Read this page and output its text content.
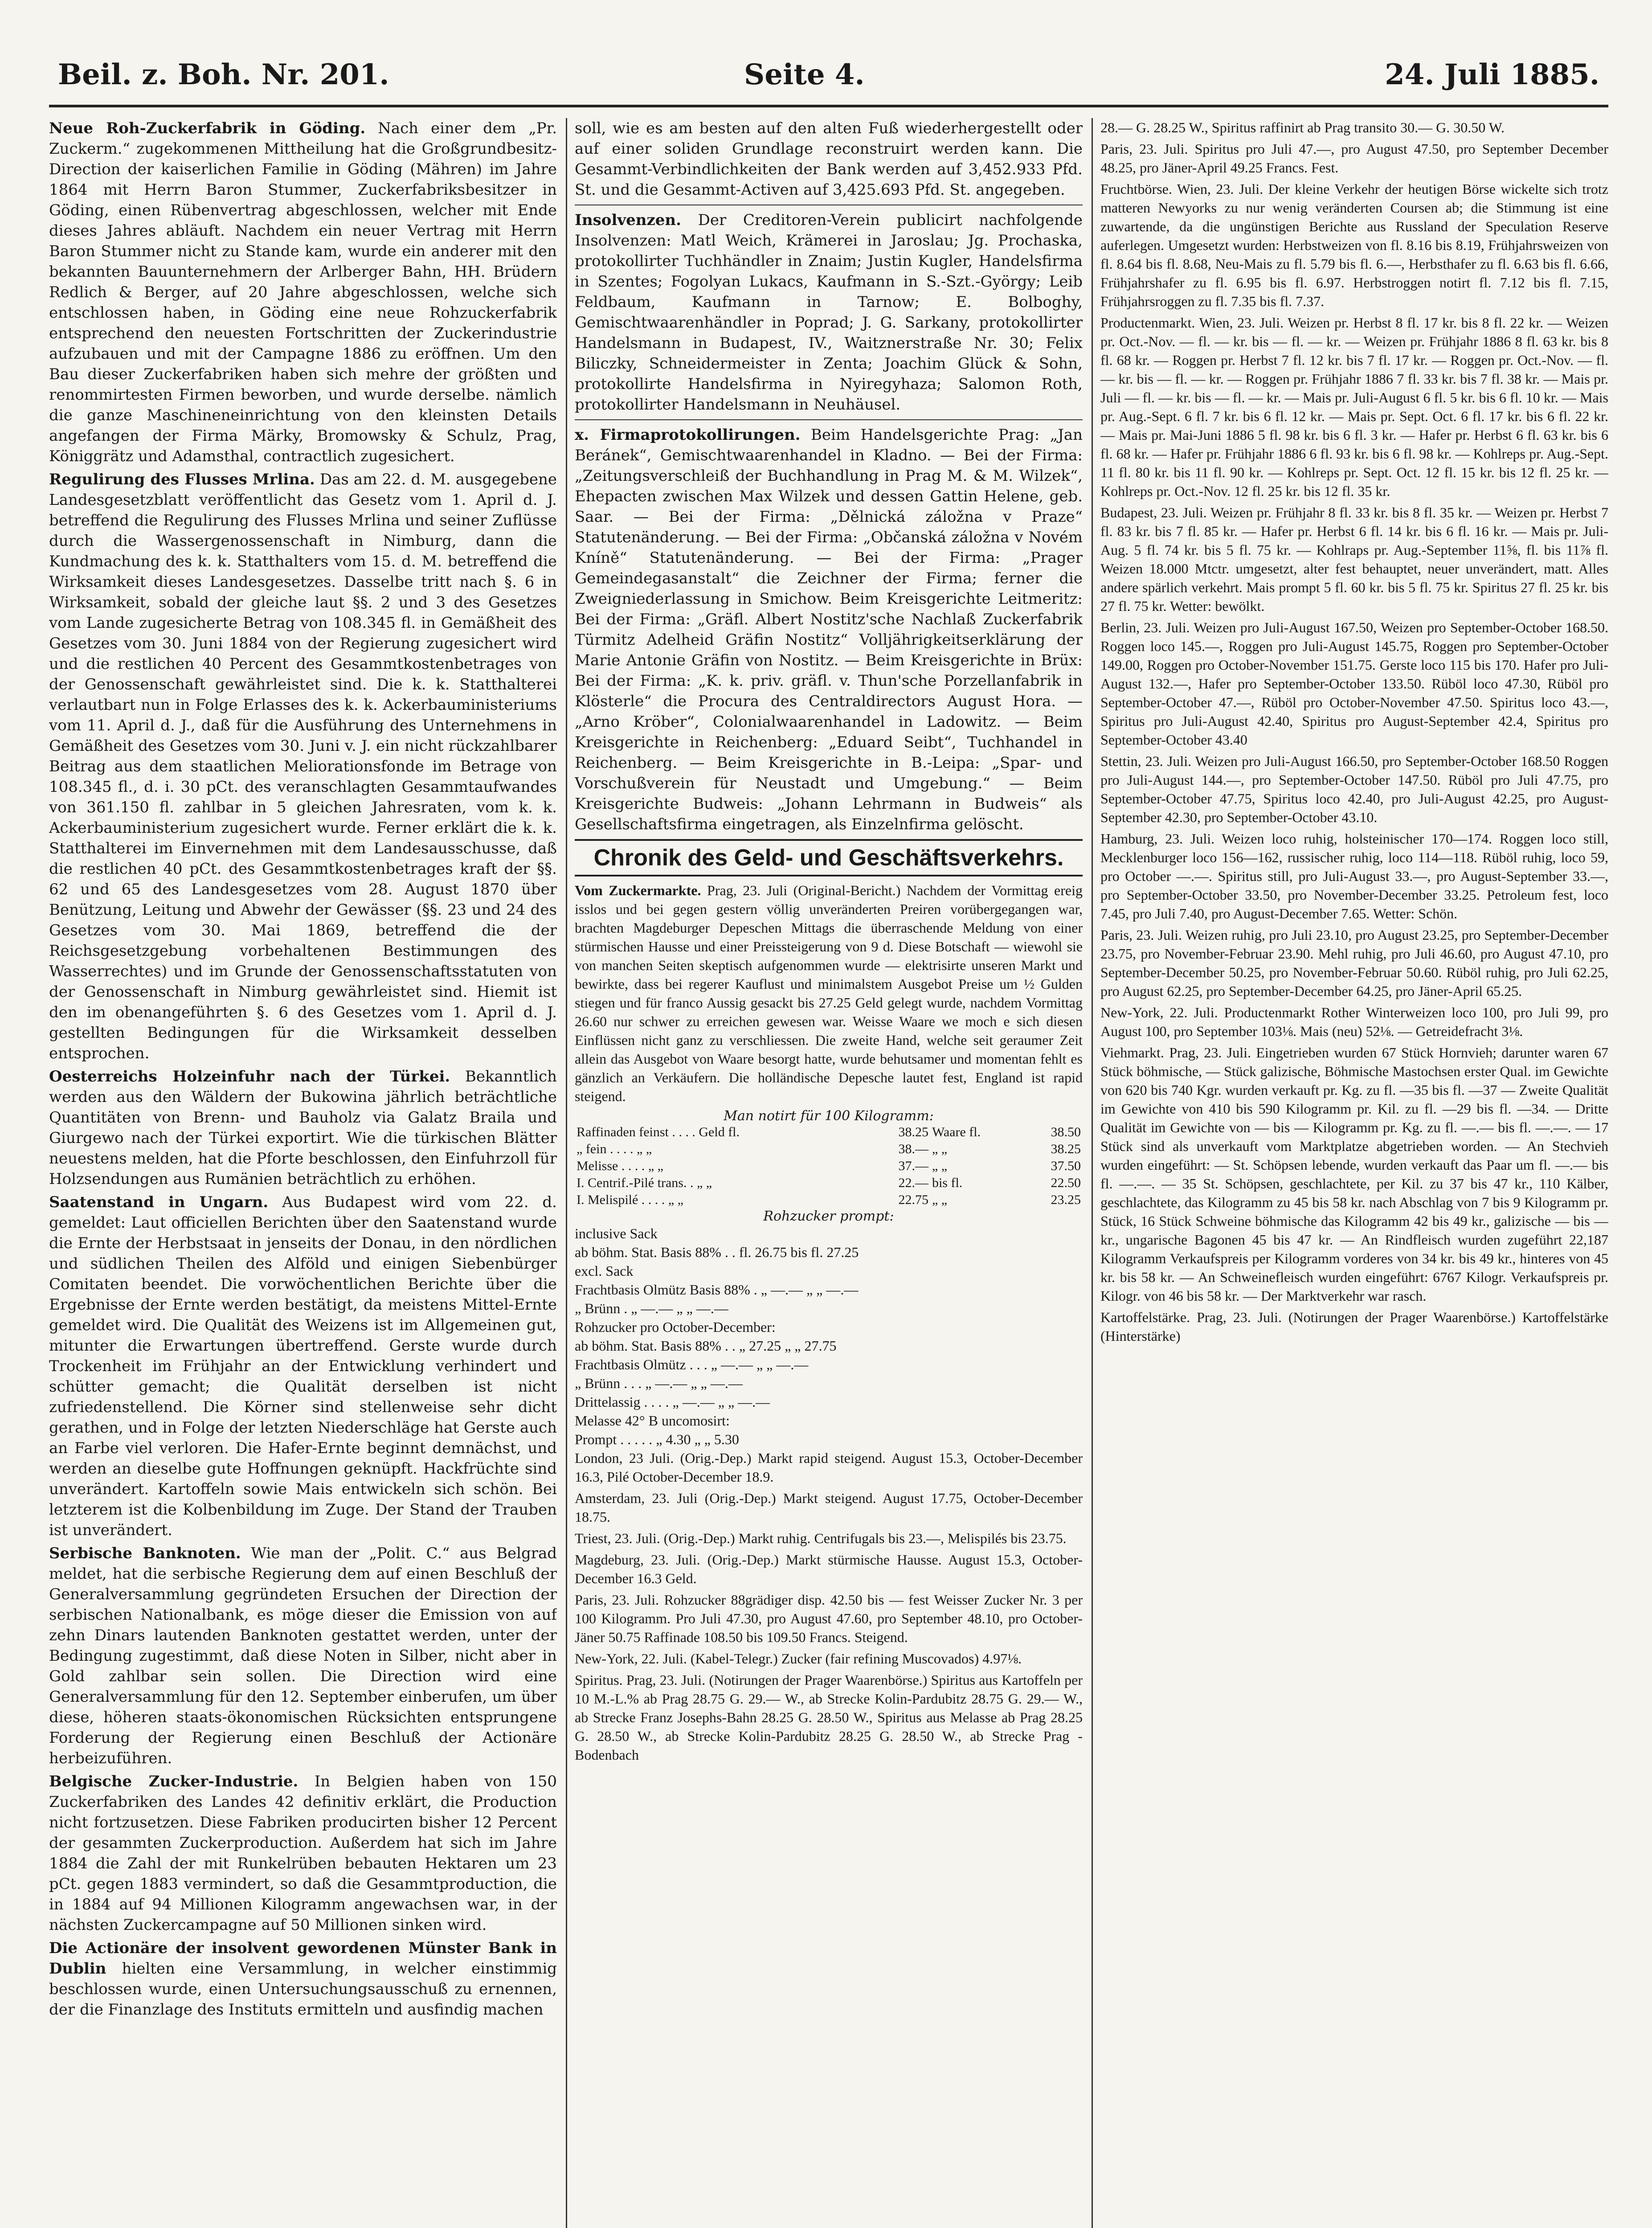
Beil. z. Boh. Nr. 201.	Seite 4.	24. Juli 1885.

Neue Roh-Zuckerfabrik in Göding. Nach einer dem „Pr. Zuckerm.“ zugekommenen Mittheilung hat die Großgrundbesitz-Direction der kaiserlichen Familie in Göding (Mähren) im Jahre 1864 mit Herrn Baron Stummer, Zuckerfabriksbesitzer in Göding, einen Rübenvertrag abgeschlossen, welcher mit Ende dieses Jahres abläuft. Nachdem ein neuer Vertrag mit Herrn Baron Stummer nicht zu Stande kam, wurde ein anderer mit den bekannten Bauunternehmern der Arlberger Bahn, HH. Brüdern Redlich & Berger, auf 20 Jahre abgeschlossen, welche sich entschlossen haben, in Göding eine neue Rohzuckerfabrik entsprechend den neuesten Fortschritten der Zuckerindustrie aufzubauen und mit der Campagne 1886 zu eröffnen. Um den Bau dieser Zuckerfabriken haben sich mehre der größten und renommirtesten Firmen beworben, und wurde derselbe. nämlich die ganze Maschineneinrichtung von den kleinsten Details angefangen der Firma Märky, Bromowsky & Schulz, Prag, Königgrätz und Adamsthal, contractlich zugesichert.

Regulirung des Flusses Mrlina. Das am 22. d. M. ausgegebene Landesgesetzblatt veröffentlicht das Gesetz vom 1. April d. J. betreffend die Regulirung des Flusses Mrlina und seiner Zuflüsse durch die Wassergenossenschaft in Nimburg, dann die Kundmachung des k. k. Statthalters vom 15. d. M. betreffend die Wirksamkeit dieses Landesgesetzes. Dasselbe tritt nach §. 6 in Wirksamkeit, sobald der gleiche laut §§. 2 und 3 des Gesetzes vom Lande zugesicherte Betrag von 108.345 fl. in Gemäßheit des Gesetzes vom 30. Juni 1884 von der Regierung zugesichert wird und die restlichen 40 Percent des Gesammtkostenbetrages von der Genossenschaft gewährleistet sind. Die k. k. Statthalterei verlautbart nun in Folge Erlasses des k. k. Ackerbauministeriums vom 11. April d. J., daß für die Ausführung des Unternehmens in Gemäßheit des Gesetzes vom 30. Juni v. J. ein nicht rückzahlbarer Beitrag aus dem staatlichen Meliorationsfonde im Betrage von 108.345 fl., d. i. 30 pCt. des veranschlagten Gesammtaufwandes von 361.150 fl. zahlbar in 5 gleichen Jahresraten, vom k. k. Ackerbauministerium zugesichert wurde. Ferner erklärt die k. k. Statthalterei im Einvernehmen mit dem Landesausschusse, daß die restlichen 40 pCt. des Gesammtkostenbetrages kraft der §§. 62 und 65 des Landesgesetzes vom 28. August 1870 über Benützung, Leitung und Abwehr der Gewässer (§§. 23 und 24 des Gesetzes vom 30. Mai 1869, betreffend die der Reichsgesetzgebung vorbehaltenen Bestimmungen des Wasserrechtes) und im Grunde der Genossenschaftsstatuten von der Genossenschaft in Nimburg gewährleistet sind. Hiemit ist den im obenangeführten §. 6 des Gesetzes vom 1. April d. J. gestellten Bedingungen für die Wirksamkeit desselben entsprochen.

Oesterreichs Holzeinfuhr nach der Türkei. Bekanntlich werden aus den Wäldern der Bukowina jährlich beträchtliche Quantitäten von Brenn- und Bauholz via Galatz Braila und Giurgewo nach der Türkei exportirt. Wie die türkischen Blätter neuestens melden, hat die Pforte beschlossen, den Einfuhrzoll für Holzsendungen aus Rumänien beträchtlich zu erhöhen.

Saatenstand in Ungarn. Aus Budapest wird vom 22. d. gemeldet: Laut officiellen Berichten über den Saatenstand wurde die Ernte der Herbstsaat in jenseits der Donau, in den nördlichen und südlichen Theilen des Alföld und einigen Siebenbürger Comitaten beendet. Die vorwöchentlichen Berichte über die Ergebnisse der Ernte werden bestätigt, da meistens Mittel-Ernte gemeldet wird. Die Qualität des Weizens ist im Allgemeinen gut, mitunter die Erwartungen übertreffend. Gerste wurde durch Trockenheit im Frühjahr an der Entwicklung verhindert und schütter gemacht; die Qualität derselben ist nicht zufriedenstellend. Die Körner sind stellenweise sehr dicht gerathen, und in Folge der letzten Niederschläge hat Gerste auch an Farbe viel verloren. Die Hafer-Ernte beginnt demnächst, und werden an dieselbe gute Hoffnungen geknüpft. Hackfrüchte sind unverändert. Kartoffeln sowie Mais entwickeln sich schön. Bei letzterem ist die Kolbenbildung im Zuge. Der Stand der Trauben ist unverändert.

Serbische Banknoten. Wie man der „Polit. C.“ aus Belgrad meldet, hat die serbische Regierung dem auf einen Beschluß der Generalversammlung gegründeten Ersuchen der Direction der serbischen Nationalbank, es möge dieser die Emission von auf zehn Dinars lautenden Banknoten gestattet werden, unter der Bedingung zugestimmt, daß diese Noten in Silber, nicht aber in Gold zahlbar sein sollen. Die Direction wird eine Generalversammlung für den 12. September einberufen, um über diese, höheren staats-ökonomischen Rücksichten entsprungene Forderung der Regierung einen Beschluß der Actionäre herbeizuführen.

Belgische Zucker-Industrie. In Belgien haben von 150 Zuckerfabriken des Landes 42 definitiv erklärt, die Production nicht fortzusetzen. Diese Fabriken producirten bisher 12 Percent der gesammten Zuckerproduction. Außerdem hat sich im Jahre 1884 die Zahl der mit Runkelrüben bebauten Hektaren um 23 pCt. gegen 1883 vermindert, so daß die Gesammtproduction, die in 1884 auf 94 Millionen Kilogramm angewachsen war, in der nächsten Zuckercampagne auf 50 Millionen sinken wird.

Die Actionäre der insolvent gewordenen Münster Bank in Dublin hielten eine Versammlung, in welcher einstimmig beschlossen wurde, einen Untersuchungsausschuß zu ernennen, der die Finanzlage des Instituts ermitteln und ausfindig machen

soll, wie es am besten auf den alten Fuß wiederhergestellt oder auf einer soliden Grundlage reconstruirt werden kann. Die Gesammt-Verbindlichkeiten der Bank werden auf 3,452.933 Pfd. St. und die Gesammt-Activen auf 3,425.693 Pfd. St. angegeben.

Insolvenzen. Der Creditoren-Verein publicirt nachfolgende Insolvenzen: Matl Weich, Krämerei in Jaroslau; Jg. Prochaska, protokollirter Tuchhändler in Znaim; Justin Kugler, Handelsfirma in Szentes; Fogolyan Lukacs, Kaufmann in S.-Szt.-György; Leib Feldbaum, Kaufmann in Tarnow; E. Bolboghy, Gemischtwaarenhändler in Poprad; J. G. Sarkany, protokollirter Handelsmann in Budapest, IV., Waitznerstraße Nr. 30; Felix Biliczky, Schneidermeister in Zenta; Joachim Glück & Sohn, protokollirte Handelsfirma in Nyiregyhaza; Salomon Roth, protokollirter Handelsmann in Neuhäusel.

x. Firmaprotokollirungen. Beim Handelsgerichte Prag: „Jan Beránek“, Gemischtwaarenhandel in Kladno. — Bei der Firma: „Zeitungsverschleiß der Buchhandlung in Prag M. & M. Wilzek“, Ehepacten zwischen Max Wilzek und dessen Gattin Helene, geb. Saar. — Bei der Firma: „Dělnická záložna v Praze“ Statutenänderung. — Bei der Firma: „Občanská záložna v Novém Kníně“ Statutenänderung. — Bei der Firma: „Prager Gemeindegasanstalt“ die Zeichner der Firma; ferner die Zweigniederlassung in Smichow. Beim Kreisgerichte Leitmeritz: Bei der Firma: „Gräfl. Albert Nostitz'sche Nachlaß Zuckerfabrik Türmitz Adelheid Gräfin Nostitz“ Volljährigkeitserklärung der Marie Antonie Gräfin von Nostitz. — Beim Kreisgerichte in Brüx: Bei der Firma: „K. k. priv. gräfl. v. Thun'sche Porzellanfabrik in Klösterle“ die Procura des Centraldirectors August Hora. — „Arno Kröber“, Colonialwaarenhandel in Ladowitz. — Beim Kreisgerichte in Reichenberg: „Eduard Seibt“, Tuchhandel in Reichenberg. — Beim Kreisgerichte in B.-Leipa: „Spar- und Vorschußverein für Neustadt und Umgebung.“ — Beim Kreisgerichte Budweis: „Johann Lehrmann in Budweis“ als Gesellschaftsfirma eingetragen, als Einzelnfirma gelöscht.

Chronik des Geld- und Geschäftsverkehrs.

Vom Zuckermarkte. Prag, 23. Juli (Original-Bericht.) Nachdem der Vormittag ereig isslos und bei gegen gestern völlig unveränderten Preiren vorübergegangen war, brachten Magdeburger Depeschen Mittags die überraschende Meldung von einer stürmischen Hausse und einer Preissteigerung von 9 d. Diese Botschaft — wiewohl sie von manchen Seiten skeptisch aufgenommen wurde — elektrisirte unseren Markt und bewirkte, dass bei regerer Kauflust und minimalstem Ausgebot Preise um ½ Gulden stiegen und für franco Aussig gesackt bis 27.25 Geld gelegt wurde, nachdem Vormittag 26.60 nur schwer zu erreichen gewesen war. Weisse Waare we moch e sich diesen Einflüssen nicht ganz zu verschliessen. Die zweite Hand, welche seit geraumer Zeit allein das Ausgebot von Waare besorgt hatte, wurde behutsamer und momentan fehlt es gänzlich an Verkäufern. Die holländische Depesche lautet fest, England ist rapid steigend.

Man notirt für 100 Kilogramm:
Raffinaden feinst . . . . Geld fl.	38.25	Waare fl.	38.50
„ fein . . . . „ „	38.—	„ „	38.25
Melisse . . . . „ „	37.—	„ „	37.50
I. Centrif.-Pilé trans. . „ „	22.—	bis fl.	22.50
I. Melispilé . . . . „ „	22.75	„ „	23.25
Rohzucker prompt:
inclusive Sack
ab böhm. Stat. Basis 88% . . fl. 26.75 bis fl. 27.25
excl. Sack
Frachtbasis Olmütz Basis 88% . „ —.— „ „ —.—
„ Brünn . „ —.— „ „ —.—
Rohzucker pro October-December:
ab böhm. Stat. Basis 88% . . „ 27.25 „ „ 27.75
Frachtbasis Olmütz . . . „ —.— „ „ —.—
„ Brünn . . . „ —.— „ „ —.—
Drittelassig . . . . „ —.— „ „ —.—
Melasse 42° B uncomosirt:
Prompt . . . . . „ 4.30 „ „ 5.30

London, 23 Juli. (Orig.-Dep.) Markt rapid steigend. August 15.3, October-December 16.3, Pilé October-December 18.9.

Amsterdam, 23. Juli (Orig.-Dep.) Markt steigend. August 17.75, October-December 18.75.

Triest, 23. Juli. (Orig.-Dep.) Markt ruhig. Centrifugals bis 23.—, Melispilés bis 23.75.

Magdeburg, 23. Juli. (Orig.-Dep.) Markt stürmische Hausse. August 15.3, October-December 16.3 Geld.

Paris, 23. Juli. Rohzucker 88grädiger disp. 42.50 bis — fest Weisser Zucker Nr. 3 per 100 Kilogramm. Pro Juli 47.30, pro August 47.60, pro September 48.10, pro October-Jäner 50.75 Raffinade 108.50 bis 109.50 Francs. Steigend.

New-York, 22. Juli. (Kabel-Telegr.) Zucker (fair refining Muscovados) 4.97⅛.

Spiritus. Prag, 23. Juli. (Notirungen der Prager Waarenbörse.) Spiritus aus Kartoffeln per 10 M.-L.% ab Prag 28.75 G. 29.— W., ab Strecke Kolin-Pardubitz 28.75 G. 29.— W., ab Strecke Franz Josephs-Bahn 28.25 G. 28.50 W., Spiritus aus Melasse ab Prag 28.25 G. 28.50 W., ab Strecke Kolin-Pardubitz 28.25 G. 28.50 W., ab Strecke Prag - Bodenbach

28.— G. 28.25 W., Spiritus raffinirt ab Prag transito 30.— G. 30.50 W.

Paris, 23. Juli. Spiritus pro Juli 47.—, pro August 47.50, pro September December 48.25, pro Jäner-April 49.25 Francs. Fest.

Fruchtbörse. Wien, 23. Juli. Der kleine Verkehr der heutigen Börse wickelte sich trotz matteren Newyorks zu nur wenig veränderten Coursen ab; die Stimmung ist eine zuwartende, da die ungünstigen Berichte aus Russland der Speculation Reserve auferlegen. Umgesetzt wurden: Herbstweizen von fl. 8.16 bis 8.19, Frühjahrsweizen von fl. 8.64 bis fl. 8.68, Neu-Mais zu fl. 5.79 bis fl. 6.—, Herbsthafer zu fl. 6.63 bis fl. 6.66, Frühjahrshafer zu fl. 6.95 bis fl. 6.97. Herbstroggen notirt fl. 7.12 bis fl. 7.15, Frühjahrsroggen zu fl. 7.35 bis fl. 7.37.

Productenmarkt. Wien, 23. Juli. Weizen pr. Herbst 8 fl. 17 kr. bis 8 fl. 22 kr. — Weizen pr. Oct.-Nov. — fl. — kr. bis — fl. — kr. — Weizen pr. Frühjahr 1886 8 fl. 63 kr. bis 8 fl. 68 kr. — Roggen pr. Herbst 7 fl. 12 kr. bis 7 fl. 17 kr. — Roggen pr. Oct.-Nov. — fl. — kr. bis — fl. — kr. — Roggen pr. Frühjahr 1886 7 fl. 33 kr. bis 7 fl. 38 kr. — Mais pr. Juli — fl. — kr. bis — fl. — kr. — Mais pr. Juli-August 6 fl. 5 kr. bis 6 fl. 10 kr. — Mais pr. Aug.-Sept. 6 fl. 7 kr. bis 6 fl. 12 kr. — Mais pr. Sept. Oct. 6 fl. 17 kr. bis 6 fl. 22 kr. — Mais pr. Mai-Juni 1886 5 fl. 98 kr. bis 6 fl. 3 kr. — Hafer pr. Herbst 6 fl. 63 kr. bis 6 fl. 68 kr. — Hafer pr. Frühjahr 1886 6 fl. 93 kr. bis 6 fl. 98 kr. — Kohlreps pr. Aug.-Sept. 11 fl. 80 kr. bis 11 fl. 90 kr. — Kohlreps pr. Sept. Oct. 12 fl. 15 kr. bis 12 fl. 25 kr. — Kohlreps pr. Oct.-Nov. 12 fl. 25 kr. bis 12 fl. 35 kr.

Budapest, 23. Juli. Weizen pr. Frühjahr 8 fl. 33 kr. bis 8 fl. 35 kr. — Weizen pr. Herbst 7 fl. 83 kr. bis 7 fl. 85 kr. — Hafer pr. Herbst 6 fl. 14 kr. bis 6 fl. 16 kr. — Mais pr. Juli-Aug. 5 fl. 74 kr. bis 5 fl. 75 kr. — Kohlraps pr. Aug.-September 11⅝, fl. bis 11⅞ fl. Weizen 18.000 Mtctr. umgesetzt, alter fest behauptet, neuer unverändert, matt. Alles andere spärlich verkehrt. Mais prompt 5 fl. 60 kr. bis 5 fl. 75 kr. Spiritus 27 fl. 25 kr. bis 27 fl. 75 kr. Wetter: bewölkt.

Berlin, 23. Juli. Weizen pro Juli-August 167.50, Weizen pro September-October 168.50. Roggen loco 145.—, Roggen pro Juli-August 145.75, Roggen pro September-October 149.00, Roggen pro October-November 151.75. Gerste loco 115 bis 170. Hafer pro Juli-August 132.—, Hafer pro September-October 133.50. Rüböl loco 47.30, Rüböl pro September-October 47.—, Rüböl pro October-November 47.50. Spiritus loco 43.—, Spiritus pro Juli-August 42.40, Spiritus pro August-September 42.4, Spiritus pro September-October 43.40

Stettin, 23. Juli. Weizen pro Juli-August 166.50, pro September-October 168.50 Roggen pro Juli-August 144.—, pro September-October 147.50. Rüböl pro Juli 47.75, pro September-October 47.75, Spiritus loco 42.40, pro Juli-August 42.25, pro August-September 42.30, pro September-October 43.10.

Hamburg, 23. Juli. Weizen loco ruhig, holsteinischer 170—174. Roggen loco still, Mecklenburger loco 156—162, russischer ruhig, loco 114—118. Rüböl ruhig, loco 59, pro October —.—. Spiritus still, pro Juli-August 33.—, pro August-September 33.—, pro September-October 33.50, pro November-December 33.25. Petroleum fest, loco 7.45, pro Juli 7.40, pro August-December 7.65. Wetter: Schön.

Paris, 23. Juli. Weizen ruhig, pro Juli 23.10, pro August 23.25, pro September-December 23.75, pro November-Februar 23.90. Mehl ruhig, pro Juli 46.60, pro August 47.10, pro September-December 50.25, pro November-Februar 50.60. Rüböl ruhig, pro Juli 62.25, pro August 62.25, pro September-December 64.25, pro Jäner-April 65.25.

New-York, 22. Juli. Productenmarkt Rother Winterweizen loco 100, pro Juli 99, pro August 100, pro September 103⅛. Mais (neu) 52⅛. — Getreidefracht 3⅛.

Viehmarkt. Prag, 23. Juli. Eingetrieben wurden 67 Stück Hornvieh; darunter waren 67 Stück böhmische, — Stück galizische, Böhmische Mastochsen erster Qual. im Gewichte von 620 bis 740 Kgr. wurden verkauft pr. Kg. zu fl. —35 bis fl. —37 — Zweite Qualität im Gewichte von 410 bis 590 Kilogramm pr. Kil. zu fl. —29 bis fl. —34. — Dritte Qualität im Gewichte von — bis — Kilogramm pr. Kg. zu fl. —.— bis fl. —.—. — 17 Stück sind als unverkauft vom Marktplatze abgetrieben worden. — An Stechvieh wurden eingeführt: — St. Schöpsen lebende, wurden verkauft das Paar um fl. —.— bis fl. —.—. — 35 St. Schöpsen, geschlachtete, per Kil. zu 37 bis 47 kr., 110 Kälber, geschlachtete, das Kilogramm zu 45 bis 58 kr. nach Abschlag von 7 bis 9 Kilogramm pr. Stück, 16 Stück Schweine böhmische das Kilogramm 42 bis 49 kr., galizische — bis — kr., ungarische Bagonen 45 bis 47 kr. — An Rindfleisch wurden zugeführt 22,187 Kilogramm Verkaufspreis per Kilogramm vorderes von 34 kr. bis 49 kr., hinteres von 45 kr. bis 58 kr. — An Schweinefleisch wurden eingeführt: 6767 Kilogr. Verkaufspreis pr. Kilogr. von 46 bis 58 kr. — Der Marktverkehr war rasch.

Kartoffelstärke. Prag, 23. Juli. (Notirungen der Prager Waarenbörse.) Kartoffelstärke (Hinterstärke)
